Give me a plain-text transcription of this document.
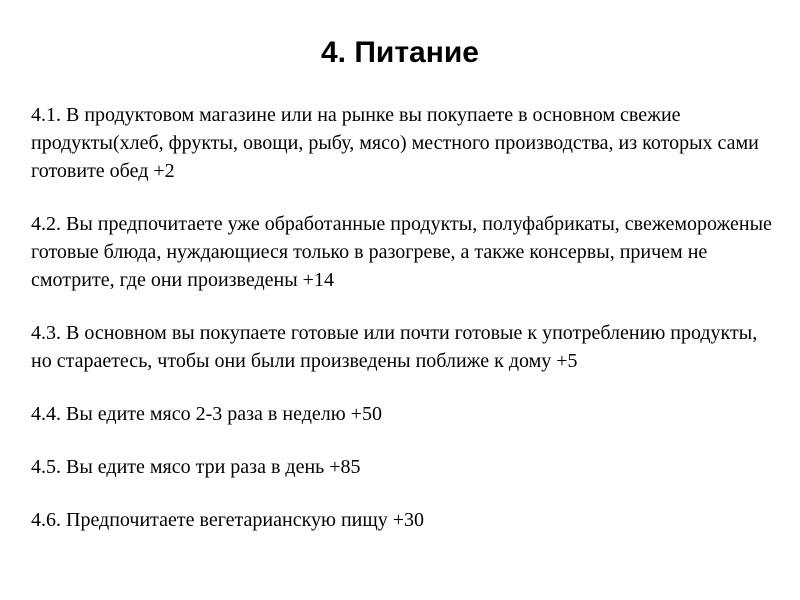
4. Питание

4.1. В продуктовом магазине или на рынке вы покупаете в основном свежие продукты(хлеб, фрукты, овощи, рыбу, мясо) местного производства, из которых сами готовите обед +2

4.2. Вы предпочитаете уже обработанные продукты, полуфабрикаты, свежемороженые готовые блюда, нуждающиеся только в разогреве, а также консервы, причем не смотрите, где они произведены +14

4.3. В основном вы покупаете готовые или почти готовые к употреблению продукты, но стараетесь, чтобы они были произведены поближе к дому +5

4.4. Вы едите мясо 2-3 раза в неделю +50

4.5. Вы едите мясо три раза в день +85

4.6. Предпочитаете вегетарианскую пищу +30
